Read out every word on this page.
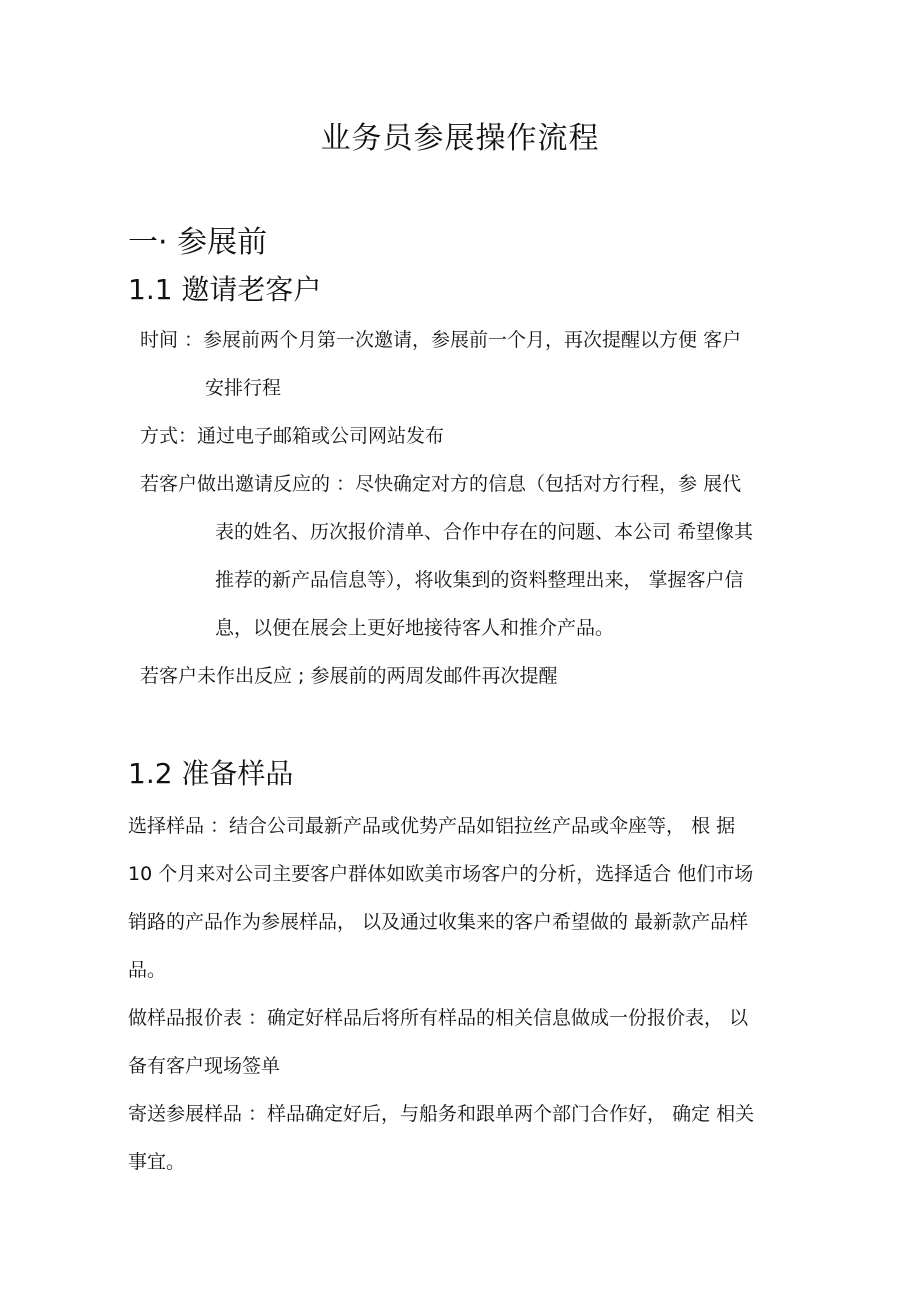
业务员参展操作流程
一· 参展前
1.1 邀请老客户
时间 ：参展前两个月第一次邀请，参展前一个月，再次提醒以方便 客户
安排行程
方式：通过电子邮箱或公司网站发布
若客户做出邀请反应的 ：尽快确定对方的信息（包括对方行程，参 展代
表的姓名、历次报价清单、合作中存在的问题、本公司 希望像其
推荐的新产品信息等），将收集到的资料整理出来， 掌握客户信
息，以便在展会上更好地接待客人和推介产品。
若客户未作出反应 ; 参展前的两周发邮件再次提醒
1.2 准备样品
选择样品 ：结合公司最新产品或优势产品如铝拉丝产品或伞座等， 根 据
10 个月来对公司主要客户群体如欧美市场客户的分析，选择适合 他们市场
销路的产品作为参展样品， 以及通过收集来的客户希望做的 最新款产品样
品。
做样品报价表 ：确定好样品后将所有样品的相关信息做成一份报价表， 以
备有客户现场签单
寄送参展样品 ：样品确定好后，与船务和跟单两个部门合作好， 确定 相关
事宜。
